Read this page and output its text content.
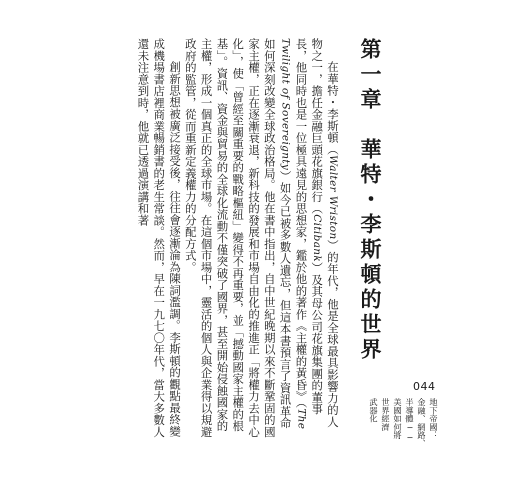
第一章　華特・李斯頓的世界

在華特・李斯頓（Walter Wriston）的年代，他是全球最具影響力的人物之一，擔任金融巨頭花旗銀行（Citibank）及其母公司花旗集團的董事長，他同時也是一位極具遠見的思想家，鑑於他的著作《主權的黃昏》（The Twilight of Sovereignty）如今已被多數人遺忘，但這本書預言了資訊革命如何深刻改變全球政治格局。他在書中指出，自中世紀晚期以來不斷鞏固的國家主權，正在逐漸衰退，新科技的發展和市場自由化的推進正「將權力去中心化」，使「曾經至關重要的戰略樞紐」變得不再重要，並「撼動國家主權的根基」。資訊、資金與貿易的全球化流動不僅突破了國界，甚至開始侵蝕國家的主權，形成一個真正的全球市場。在這個市場中，靈活的個人與企業得以規避政府的監管，從而重新定義權力的分配方式。

創新思想被廣泛接受後，往往會逐漸淪為陳詞濫調。李斯頓的觀點最終變成機場書店裡商業暢銷書的老生常談。然而，早在一九七〇年代，當大多數人還未注意到時，他就已透過演講和著

044
地下帝國：
金融、網路、
半導體──
美國如何將
世界經濟
武器化
